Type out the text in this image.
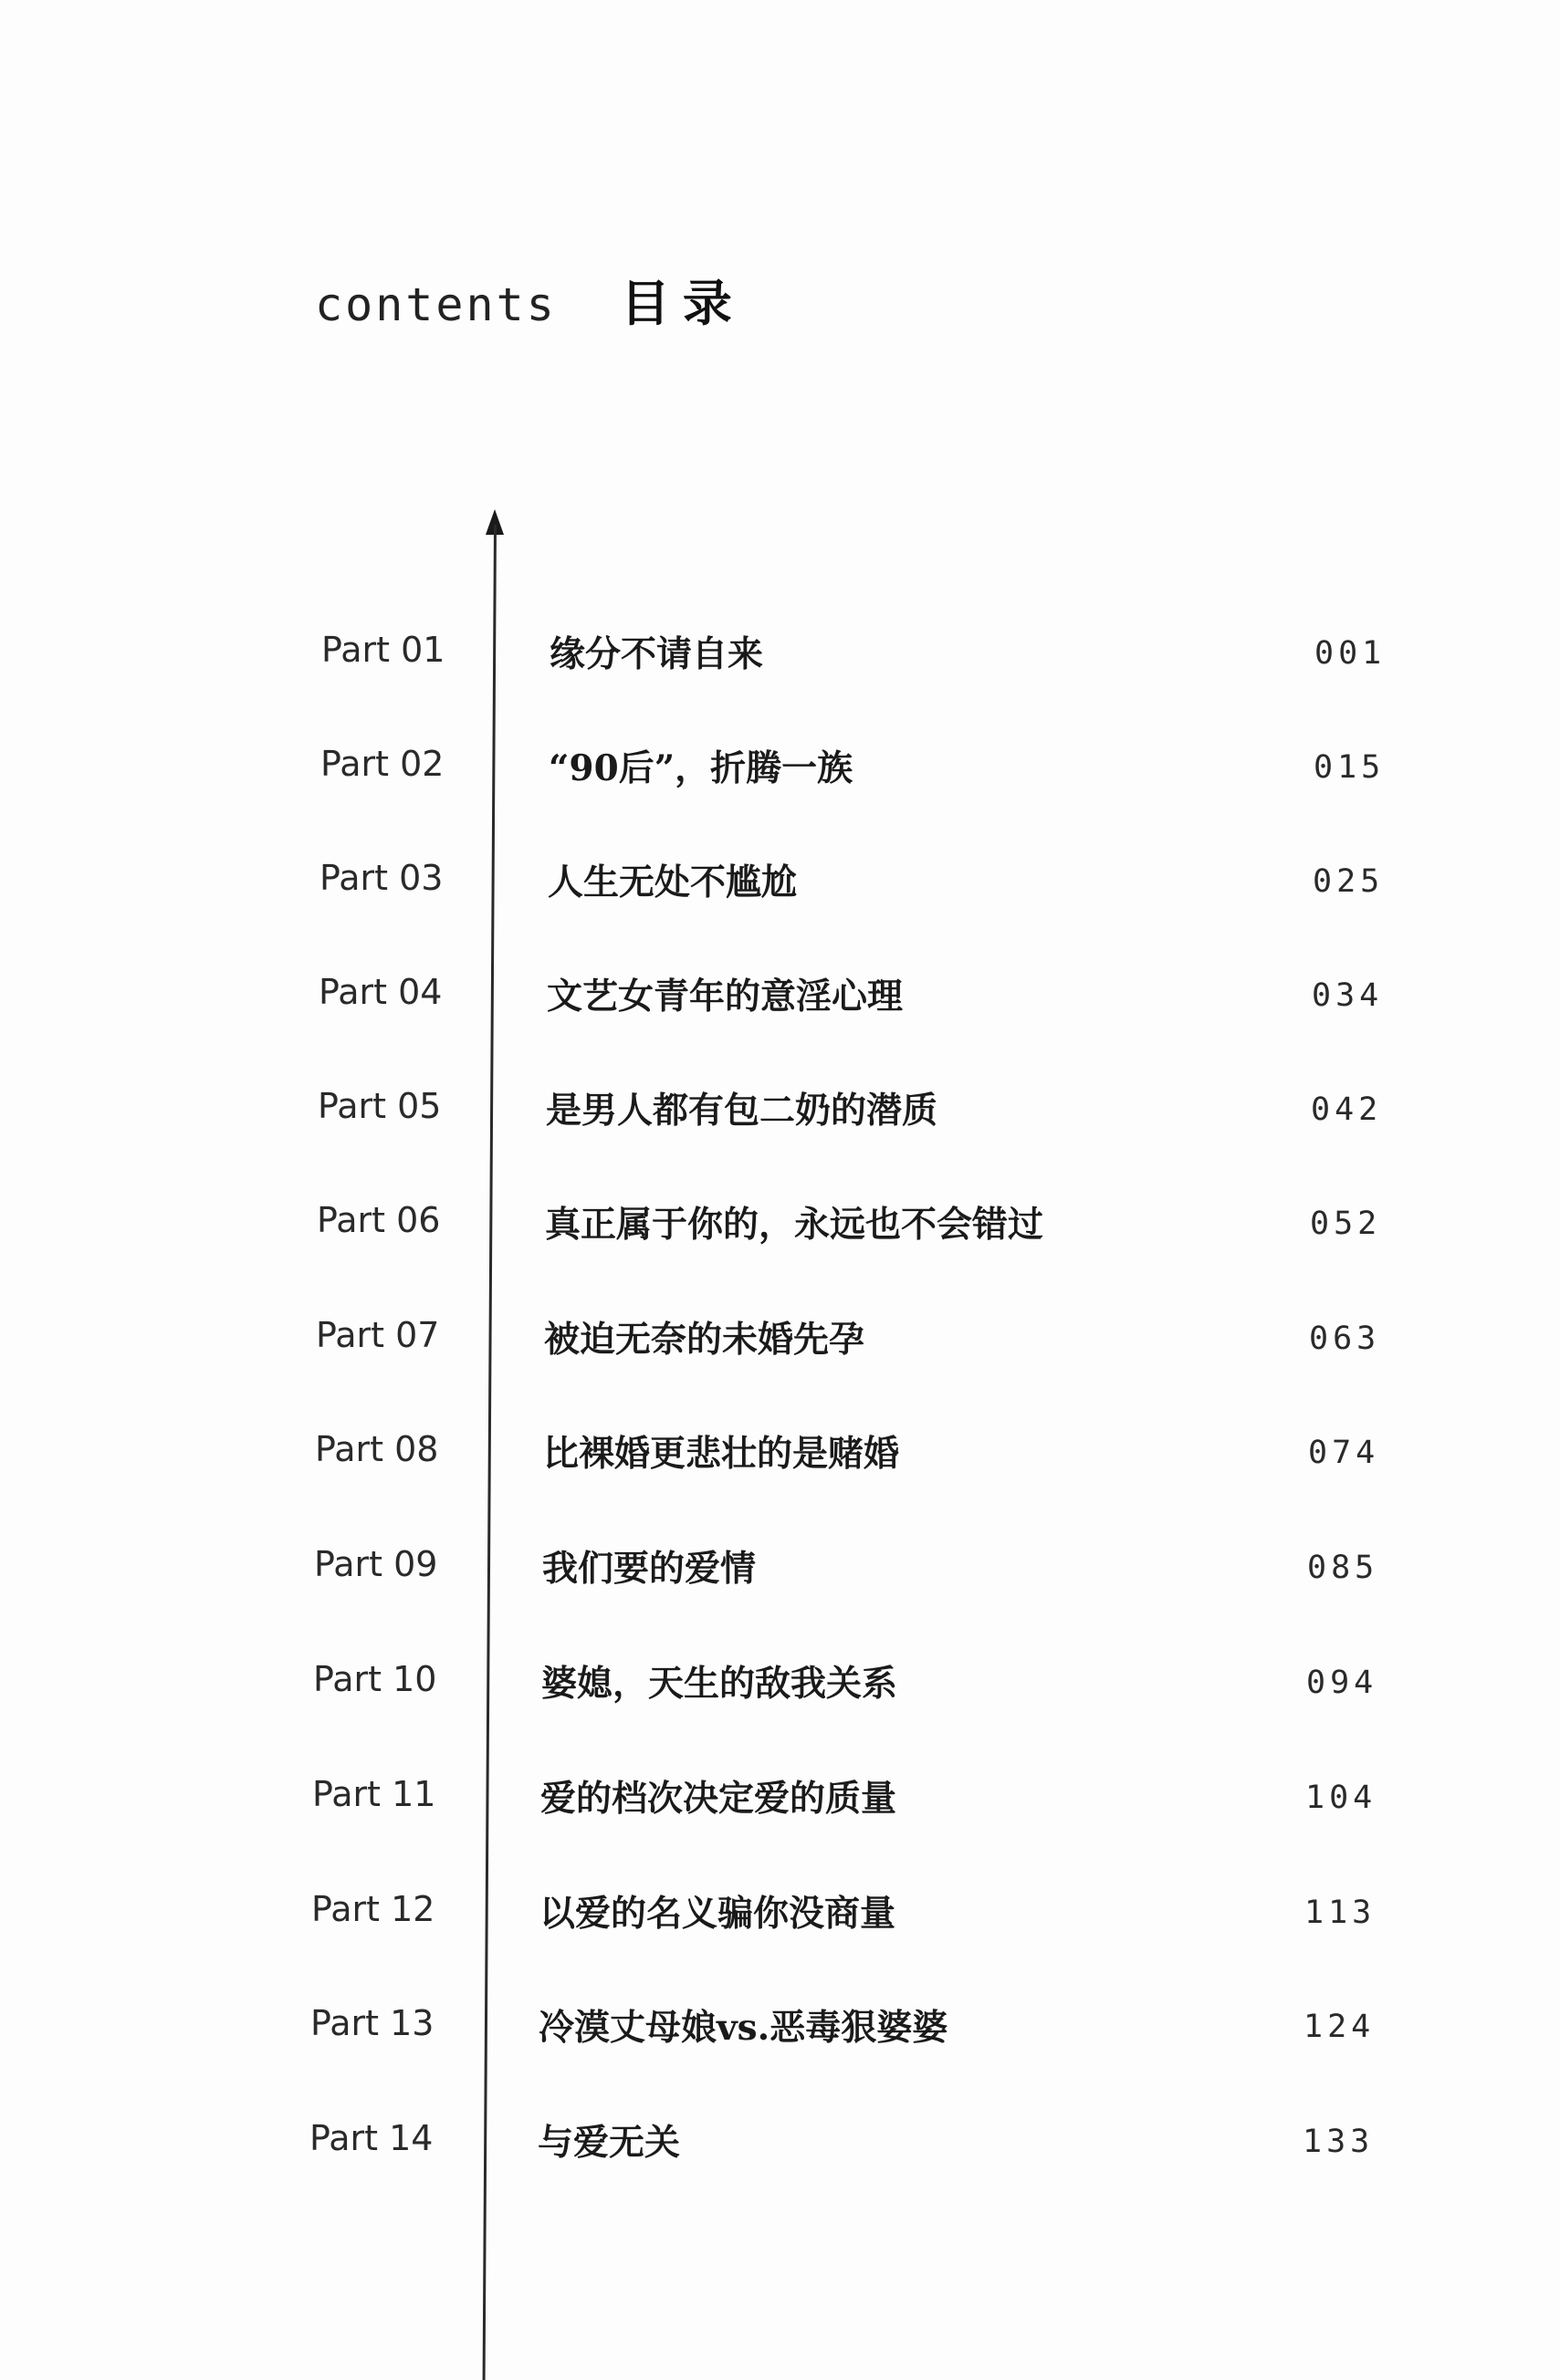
contents 目录
Part 01	缘分不请自来	001
Part 02	“90后”，折腾一族	015
Part 03	人生无处不尴尬	025
Part 04	文艺女青年的意淫心理	034
Part 05	是男人都有包二奶的潜质	042
Part 06	真正属于你的，永远也不会错过	052
Part 07	被迫无奈的未婚先孕	063
Part 08	比裸婚更悲壮的是赌婚	074
Part 09	我们要的爱情	085
Part 10	婆媳，天生的敌我关系	094
Part 11	爱的档次决定爱的质量	104
Part 12	以爱的名义骗你没商量	113
Part 13	冷漠丈母娘vs.恶毒狠婆婆	124
Part 14	与爱无关	133
